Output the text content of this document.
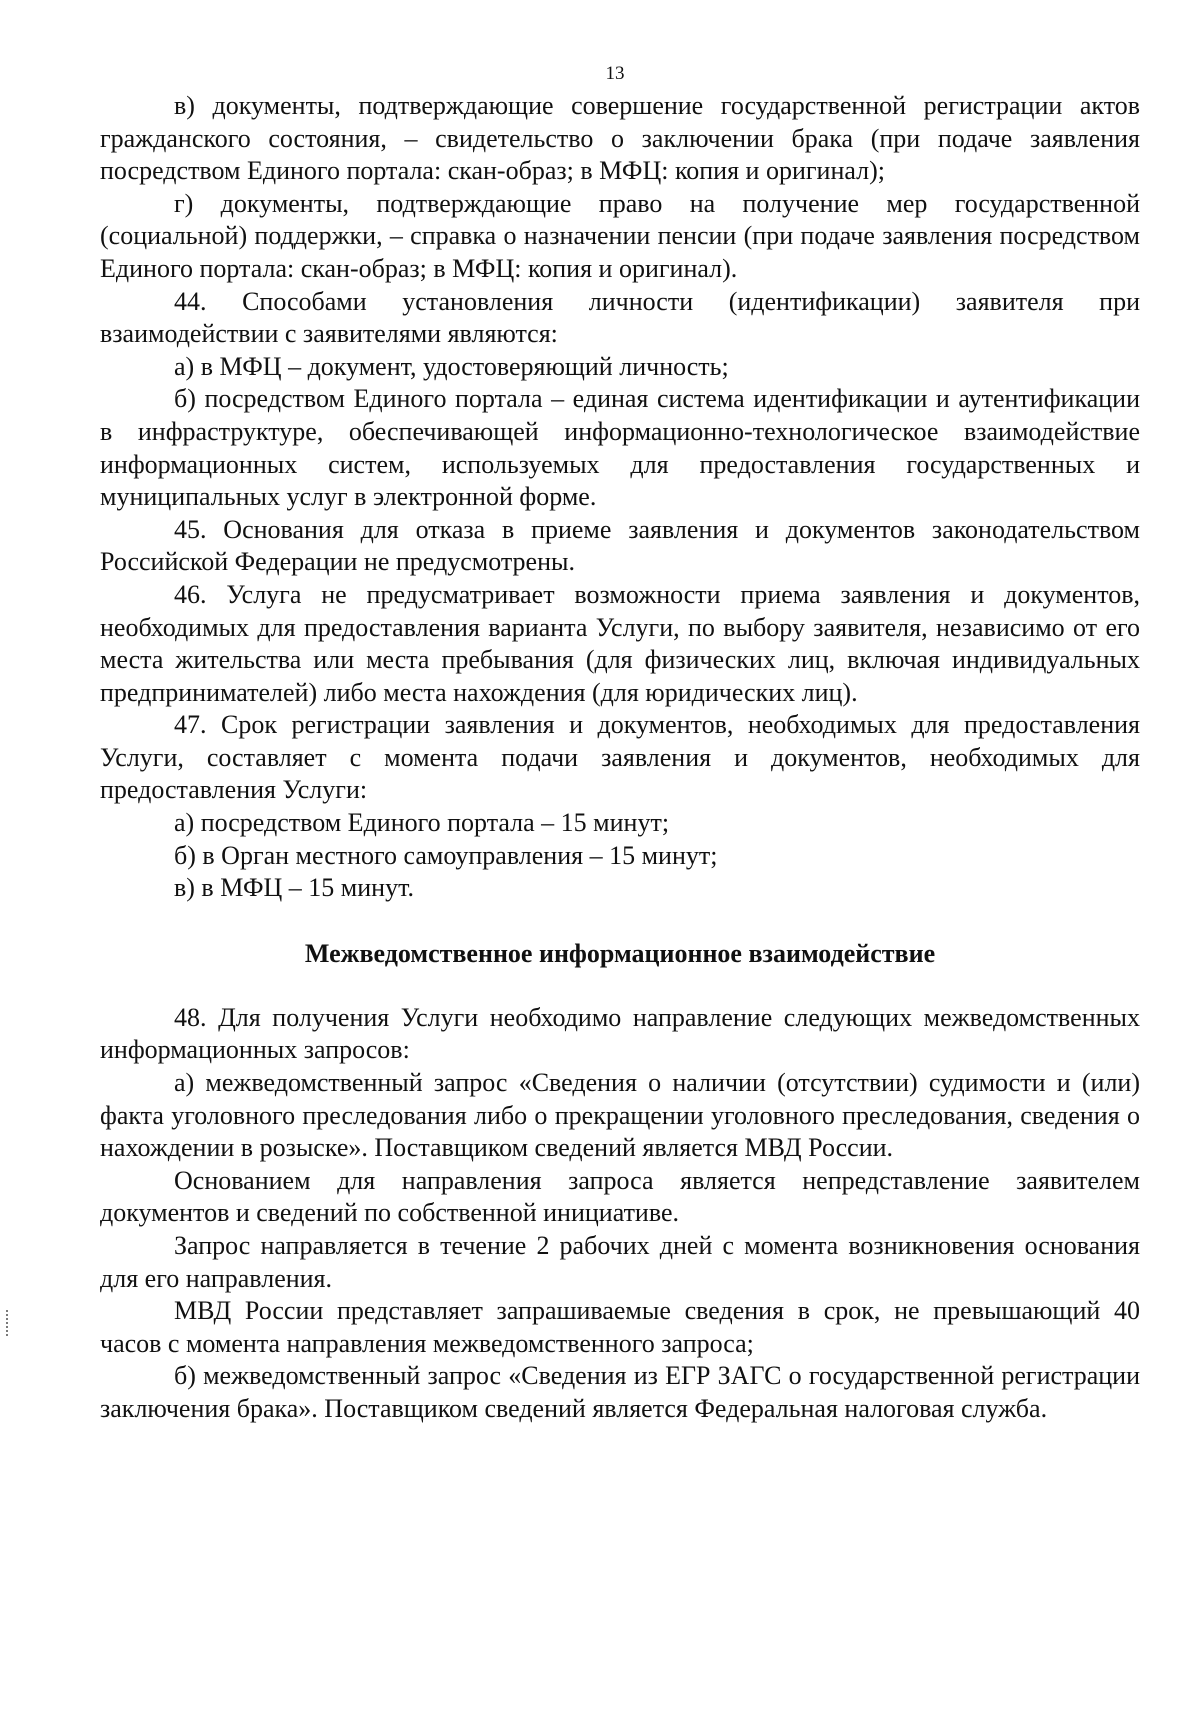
13

в) документы, подтверждающие совершение государственной регистрации актов гражданского состояния, – свидетельство о заключении брака (при подаче заявления посредством Единого портала: скан-образ; в МФЦ: копия и оригинал);

г) документы, подтверждающие право на получение мер государственной (социальной) поддержки, – справка о назначении пенсии (при подаче заявления посредством Единого портала: скан-образ; в МФЦ: копия и оригинал).

44. Способами установления личности (идентификации) заявителя при взаимодействии с заявителями являются:

а) в МФЦ – документ, удостоверяющий личность;

б) посредством Единого портала – единая система идентификации и аутентификации в инфраструктуре, обеспечивающей информационно-технологическое взаимодействие информационных систем, используемых для предоставления государственных и муниципальных услуг в электронной форме.

45. Основания для отказа в приеме заявления и документов законодательством Российской Федерации не предусмотрены.

46. Услуга не предусматривает возможности приема заявления и документов, необходимых для предоставления варианта Услуги, по выбору заявителя, независимо от его места жительства или места пребывания (для физических лиц, включая индивидуальных предпринимателей) либо места нахождения (для юридических лиц).

47. Срок регистрации заявления и документов, необходимых для предоставления Услуги, составляет с момента подачи заявления и документов, необходимых для предоставления Услуги:

а) посредством Единого портала – 15 минут;

б) в Орган местного самоуправления – 15 минут;

в) в МФЦ – 15 минут.

Межведомственное информационное взаимодействие

48. Для получения Услуги необходимо направление следующих межведомственных информационных запросов:

а) межведомственный запрос «Сведения о наличии (отсутствии) судимости и (или) факта уголовного преследования либо о прекращении уголовного преследования, сведения о нахождении в розыске». Поставщиком сведений является МВД России.

Основанием для направления запроса является непредставление заявителем документов и сведений по собственной инициативе.

Запрос направляется в течение 2 рабочих дней с момента возникновения основания для его направления.

МВД России представляет запрашиваемые сведения в срок, не превышающий 40 часов с момента направления межведомственного запроса;

б) межведомственный запрос «Сведения из ЕГР ЗАГС о государственной регистрации заключения брака». Поставщиком сведений является Федеральная налоговая служба.
